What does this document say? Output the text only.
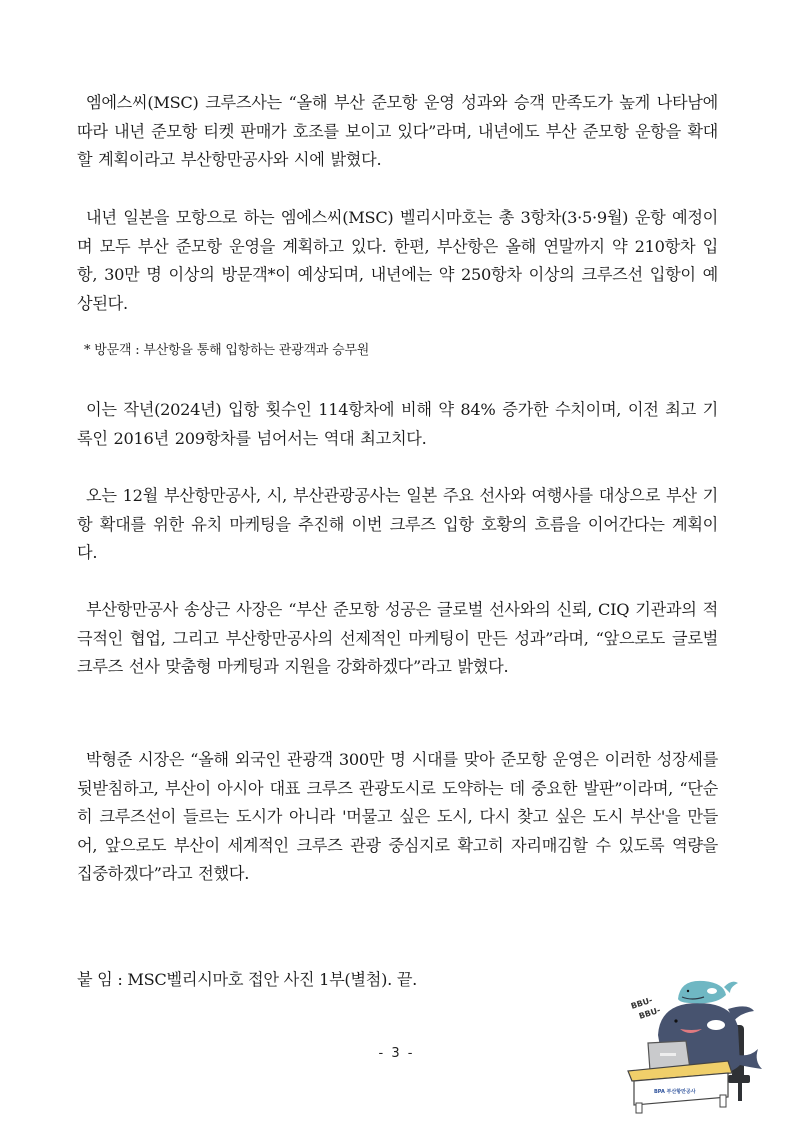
엠에스씨(MSC) 크루즈사는 “올해 부산 준모항 운영 성과와 승객 만족도가 높게 나타남에 따라 내년 준모항 티켓 판매가 호조를 보이고 있다”라며, 내년에도 부산 준모항 운항을 확대할 계획이라고 부산항만공사와 시에 밝혔다.

내년 일본을 모항으로 하는 엠에스씨(MSC) 벨리시마호는 총 3항차(3·5·9월) 운항 예정이며 모두 부산 준모항 운영을 계획하고 있다. 한편, 부산항은 올해 연말까지 약 210항차 입항, 30만 명 이상의 방문객*이 예상되며, 내년에는 약 250항차 이상의 크루즈선 입항이 예상된다.

* 방문객 : 부산항을 통해 입항하는 관광객과 승무원

이는 작년(2024년) 입항 횟수인 114항차에 비해 약 84% 증가한 수치이며, 이전 최고 기록인 2016년 209항차를 넘어서는 역대 최고치다.

오는 12월 부산항만공사, 시, 부산관광공사는 일본 주요 선사와 여행사를 대상으로 부산 기항 확대를 위한 유치 마케팅을 추진해 이번 크루즈 입항 호황의 흐름을 이어간다는 계획이다.

부산항만공사 송상근 사장은 “부산 준모항 성공은 글로벌 선사와의 신뢰, CIQ 기관과의 적극적인 협업, 그리고 부산항만공사의 선제적인 마케팅이 만든 성과”라며, “앞으로도 글로벌 크루즈 선사 맞춤형 마케팅과 지원을 강화하겠다”라고 밝혔다.

박형준 시장은 “올해 외국인 관광객 300만 명 시대를 맞아 준모항 운영은 이러한 성장세를 뒷받침하고, 부산이 아시아 대표 크루즈 관광도시로 도약하는 데 중요한 발판”이라며, “단순히 크루즈선이 들르는 도시가 아니라 '머물고 싶은 도시, 다시 찾고 싶은 도시 부산'을 만들어, 앞으로도 부산이 세계적인 크루즈 관광 중심지로 확고히 자리매김할 수 있도록 역량을 집중하겠다”라고 전했다.

붙 임 : MSC벨리시마호 접안 사진 1부(별첨). 끝.
- 3 -
BBU-
BBU-
BPA 부산항만공사
